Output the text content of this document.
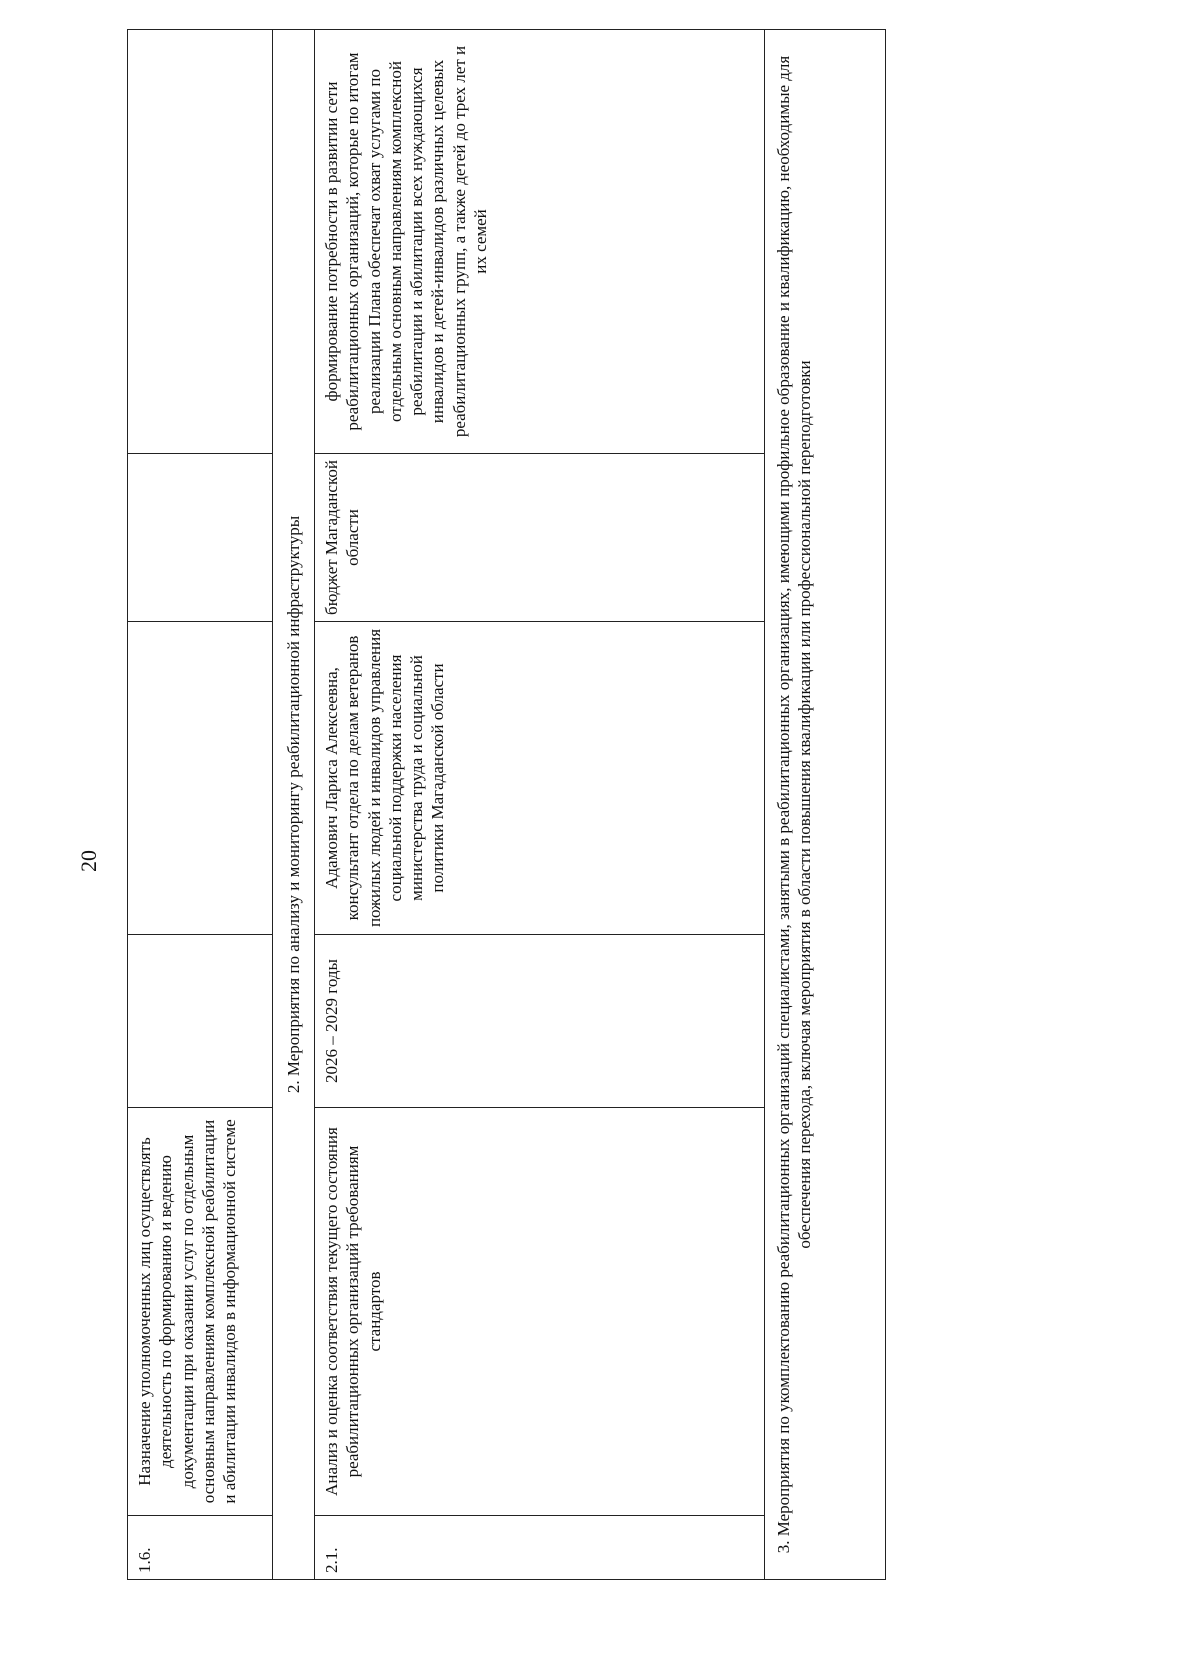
20
1.6.	Назначение уполномоченных лиц осуществлять деятельность по формированию и ведению документации при оказании услуг по отдельным основным направлениям комплексной реабилитации и абилитации инвалидов в информационной системе				
2. Мероприятия по анализу и мониторингу реабилитационной инфраструктуры					
2.1.	Анализ и оценка соответствия текущего состояния реабилитационных организаций требованиям стандартов	2026 – 2029 годы	Адамович Лариса Алексеевна, консультант отдела по делам ветеранов пожилых людей и инвалидов управления социальной поддержки населения министерства труда и социальной политики Магаданской области	бюджет Магаданской области	формирование потребности в развитии сети реабилитационных организаций, которые по итогам реализации Плана обеспечат охват услугами по отдельным основным направлениям комплексной реабилитации и абилитации всех нуждающихся инвалидов и детей-инвалидов различных целевых реабилитационных групп, а также детей до трех лет и их семей
3. Мероприятия по укомплектованию реабилитационных организаций специалистами, занятыми в реабилитационных организациях, имеющими профильное образование и квалификацию, необходимые для обеспечения перехода, включая мероприятия в области повышения квалификации или профессиональной переподготовки					
